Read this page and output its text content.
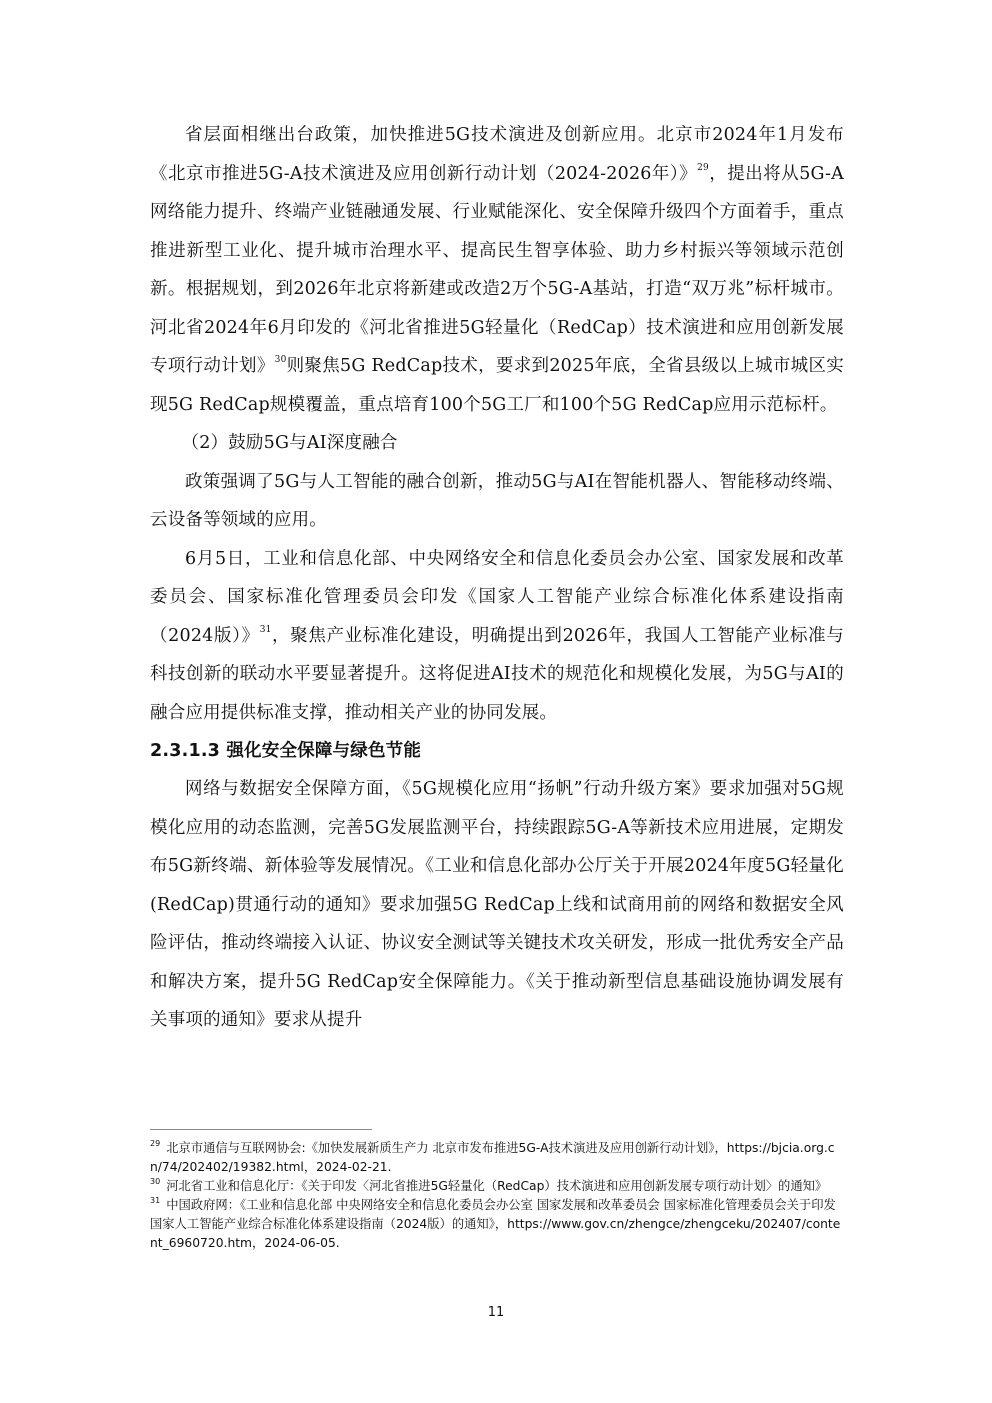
省层面相继出台政策，加快推进5G技术演进及创新应用。北京市2024年1月发布《北京市推进5G-A技术演进及应用创新行动计划（2024-2026年）》$^{29}$，提出将从5G-A网络能力提升、终端产业链融通发展、行业赋能深化、安全保障升级四个方面着手，重点推进新型工业化、提升城市治理水平、提高民生智享体验、助力乡村振兴等领域示范创新。根据规划，到2026年北京将新建或改造2万个5G-A基站，打造“双万兆”标杆城市。河北省2024年6月印发的《河北省推进5G轻量化（RedCap）技术演进和应用创新发展专项行动计划》$^{30}$则聚焦5G RedCap技术，要求到2025年底，全省县级以上城市城区实现5G RedCap规模覆盖，重点培育100个5G工厂和100个5G RedCap应用示范标杆。

（2）鼓励5G与AI深度融合

政策强调了5G与人工智能的融合创新，推动5G与AI在智能机器人、智能移动终端、云设备等领域的应用。

6月5日，工业和信息化部、中央网络安全和信息化委员会办公室、国家发展和改革委员会、国家标准化管理委员会印发《国家人工智能产业综合标准化体系建设指南（2024版）》$^{31}$，聚焦产业标准化建设，明确提出到2026年，我国人工智能产业标准与科技创新的联动水平要显著提升。这将促进AI技术的规范化和规模化发展，为5G与AI的融合应用提供标准支撑，推动相关产业的协同发展。

2.3.1.3 强化安全保障与绿色节能

网络与数据安全保障方面，《5G规模化应用“扬帆”行动升级方案》要求加强对5G规模化应用的动态监测，完善5G发展监测平台，持续跟踪5G-A等新技术应用进展，定期发布5G新终端、新体验等发展情况。《工业和信息化部办公厅关于开展2024年度5G轻量化(RedCap)贯通行动的通知》要求加强5G RedCap上线和试商用前的网络和数据安全风险评估，推动终端接入认证、协议安全测试等关键技术攻关研发，形成一批优秀安全产品和解决方案，提升5G RedCap安全保障能力。《关于推动新型信息基础设施协调发展有关事项的通知》要求从提升

$^{29}$ 北京市通信与互联网协会:《加快发展新质生产力 北京市发布推进5G-A技术演进及应用创新行动计划》，https://bjcia.org.cn/74/202402/19382.html，2024-02-21.

$^{30}$ 河北省工业和信息化厅：《关于印发〈河北省推进5G轻量化（RedCap）技术演进和应用创新发展专项行动计划〉的通知》

$^{31}$ 中国政府网：《工业和信息化部 中央网络安全和信息化委员会办公室 国家发展和改革委员会 国家标准化管理委员会关于印发国家人工智能产业综合标准化体系建设指南（2024版）的通知》，https://www.gov.cn/zhengce/zhengceku/202407/content_6960720.htm，2024-06-05.

11
